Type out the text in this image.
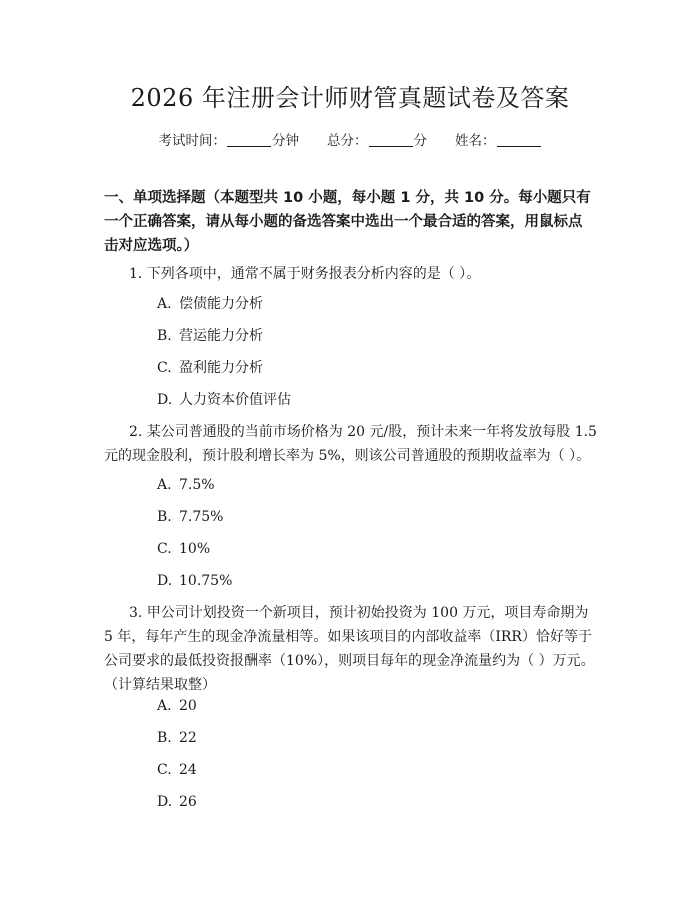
2026 年注册会计师财管真题试卷及答案
考试时间：	分钟 总分：	分 姓名：
一、单项选择题（本题型共 10 小题，每小题 1 分，共 10 分。每小题只有一个正确答案，请从每小题的备选答案中选出一个最合适的答案，用鼠标点击对应选项。）
1. 下列各项中，通常不属于财务报表分析内容的是（ ）。
A. 偿债能力分析
B. 营运能力分析
C. 盈利能力分析
D. 人力资本价值评估
2. 某公司普通股的当前市场价格为 20 元/股，预计未来一年将发放每股 1.5 元的现金股利，预计股利增长率为 5%，则该公司普通股的预期收益率为（ ）。
A. 7.5%
B. 7.75%
C. 10%
D. 10.75%
3. 甲公司计划投资一个新项目，预计初始投资为 100 万元，项目寿命期为 5 年，每年产生的现金净流量相等。如果该项目的内部收益率（IRR）恰好等于公司要求的最低投资报酬率（10%），则项目每年的现金净流量约为（ ）万元。（计算结果取整）
A. 20
B. 22
C. 24
D. 26
